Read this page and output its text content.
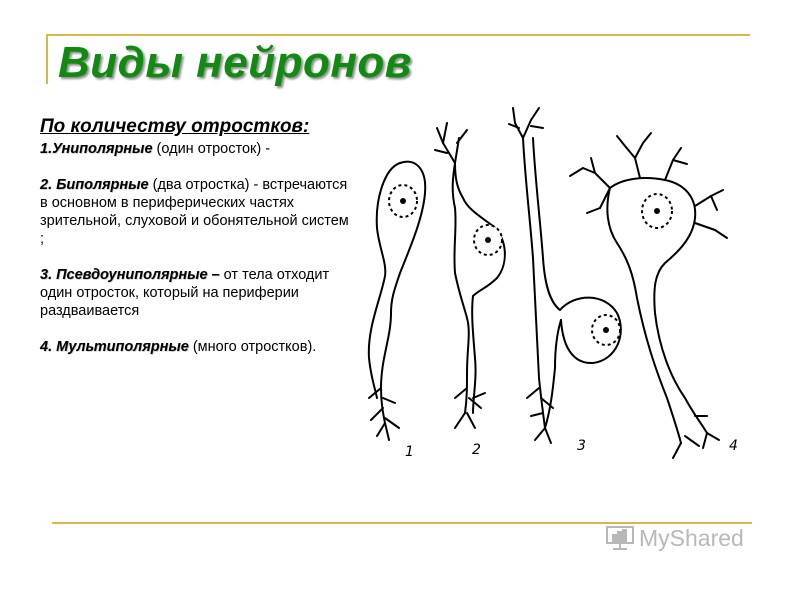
Виды нейронов

По количеству отростков:

1.Униполярные (один отросток) -

2. Биполярные (два отростка) - встречаются в основном в периферических частях зрительной, слуховой и обонятельной систем ;

3. Псевдоуниполярные – от тела отходит один отросток, который на периферии раздваивается

4. Мультиполярные (много отростков).

1	2	3	4
MyShared
